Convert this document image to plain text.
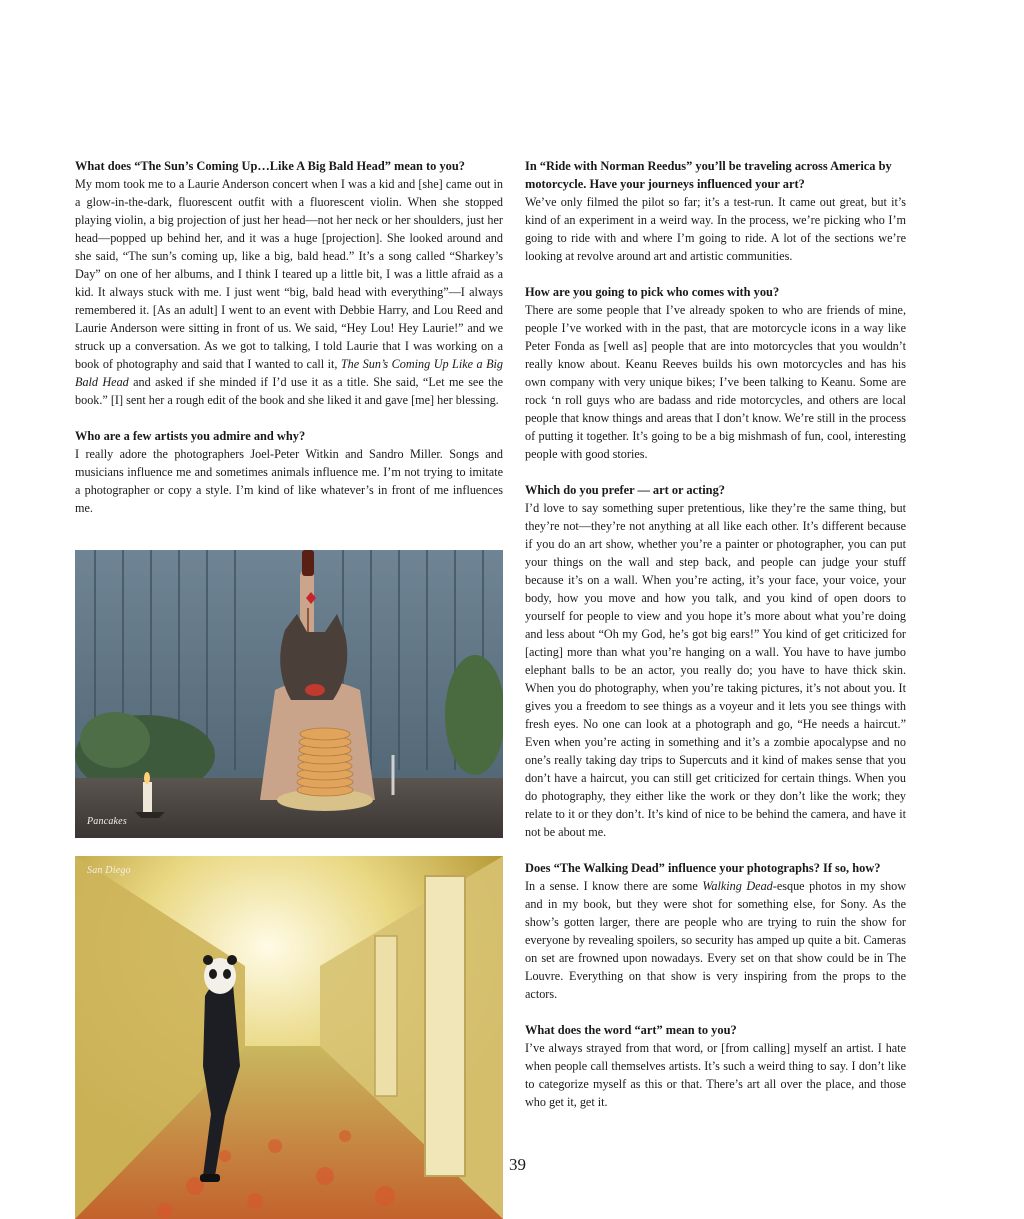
What does “The Sun’s Coming Up…Like A Big Bald Head” mean to you?

My mom took me to a Laurie Anderson concert when I was a kid and [she] came out in a glow-in-the-dark, fluorescent outfit with a fluorescent violin. When she stopped playing violin, a big projection of just her head—not her neck or her shoulders, just her head—popped up behind her, and it was a huge [projection]. She looked around and she said, “The sun’s coming up, like a big, bald head.” It’s a song called “Sharkey’s Day” on one of her albums, and I think I teared up a little bit, I was a little afraid as a kid. It always stuck with me. I just went “big, bald head with everything”—I always remembered it. [As an adult] I went to an event with Debbie Harry, and Lou Reed and Laurie Anderson were sitting in front of us. We said, “Hey Lou! Hey Laurie!” and we struck up a conversation. As we got to talking, I told Laurie that I was working on a book of photography and said that I wanted to call it, The Sun’s Coming Up Like a Big Bald Head and asked if she minded if I’d use it as a title. She said, “Let me see the book.” [I] sent her a rough edit of the book and she liked it and gave [me] her blessing.

Who are a few artists you admire and why?

I really adore the photographers Joel-Peter Witkin and Sandro Miller. Songs and musicians influence me and sometimes animals influence me. I’m not trying to imitate a photographer or copy a style. I’m kind of like whatever’s in front of me influences me.

Pancakes
San Diego

In “Ride with Norman Reedus” you’ll be traveling across America by motorcycle. Have your journeys influenced your art?

We’ve only filmed the pilot so far; it’s a test-run. It came out great, but it’s kind of an experiment in a weird way. In the process, we’re picking who I’m going to ride with and where I’m going to ride. A lot of the sections we’re looking at revolve around art and artistic communities.

How are you going to pick who comes with you?

There are some people that I’ve already spoken to who are friends of mine, people I’ve worked with in the past, that are motorcycle icons in a way like Peter Fonda as [well as] people that are into motorcycles that you wouldn’t really know about. Keanu Reeves builds his own motorcycles and has his own company with very unique bikes; I’ve been talking to Keanu. Some are rock ‘n roll guys who are badass and ride motorcycles, and others are local people that know things and areas that I don’t know. We’re still in the process of putting it together. It’s going to be a big mishmash of fun, cool, interesting people with good stories.

Which do you prefer — art or acting?

I’d love to say something super pretentious, like they’re the same thing, but they’re not—they’re not anything at all like each other. It’s different because if you do an art show, whether you’re a painter or photographer, you can put your things on the wall and step back, and people can judge your stuff because it’s on a wall. When you’re acting, it’s your face, your voice, your body, how you move and how you talk, and you kind of open doors to yourself for people to view and you hope it’s more about what you’re doing and less about “Oh my God, he’s got big ears!” You kind of get criticized for [acting] more than what you’re hanging on a wall. You have to have jumbo elephant balls to be an actor, you really do; you have to have thick skin. When you do photography, when you’re taking pictures, it’s not about you. It gives you a freedom to see things as a voyeur and it lets you see things with fresh eyes. No one can look at a photograph and go, “He needs a haircut.” Even when you’re acting in something and it’s a zombie apocalypse and no one’s really taking day trips to Supercuts and it kind of makes sense that you don’t have a haircut, you can still get criticized for certain things. When you do photography, they either like the work or they don’t like the work; they relate to it or they don’t. It’s kind of nice to be behind the camera, and have it not be about me.

Does “The Walking Dead” influence your photographs? If so, how?

In a sense. I know there are some Walking Dead-esque photos in my show and in my book, but they were shot for something else, for Sony. As the show’s gotten larger, there are people who are trying to ruin the show for everyone by revealing spoilers, so security has amped up quite a bit. Cameras on set are frowned upon nowadays. Every set on that show could be in The Louvre. Everything on that show is very inspiring from the props to the actors.

What does the word “art” mean to you?

I’ve always strayed from that word, or [from calling] myself an artist. I hate when people call themselves artists. It’s such a weird thing to say. I don’t like to categorize myself as this or that. There’s art all over the place, and those who get it, get it.

39
